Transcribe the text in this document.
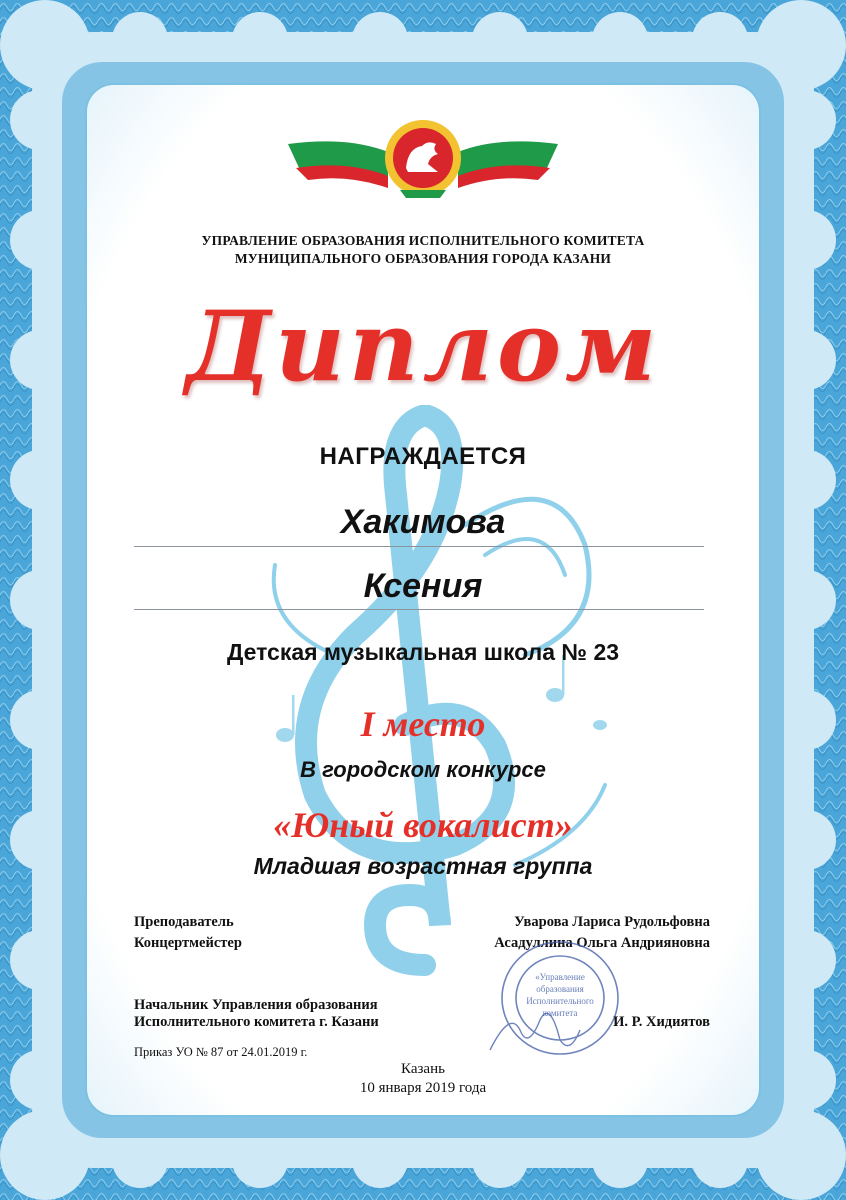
УПРАВЛЕНИЕ ОБРАЗОВАНИЯ ИСПОЛНИТЕЛЬНОГО КОМИТЕТА
МУНИЦИПАЛЬНОГО ОБРАЗОВАНИЯ ГОРОДА КАЗАНИ
Диплом
НАГРАЖДАЕТСЯ
Хакимова
Ксения
Детская музыкальная школа № 23
I место
В городском конкурсе
«Юный вокалист»
Младшая возрастная группа
Преподаватель	Уварова Лариса Рудольфовна
Концертмейстер	Асадуллина Ольга Андрияновна
«Управление
образования
Исполнительного
комитета
Начальник Управления образования
Исполнительного комитета г. Казани	И. Р. Хидиятов
Приказ УО № 87 от 24.01.2019 г.
Казань
10 января 2019 года
